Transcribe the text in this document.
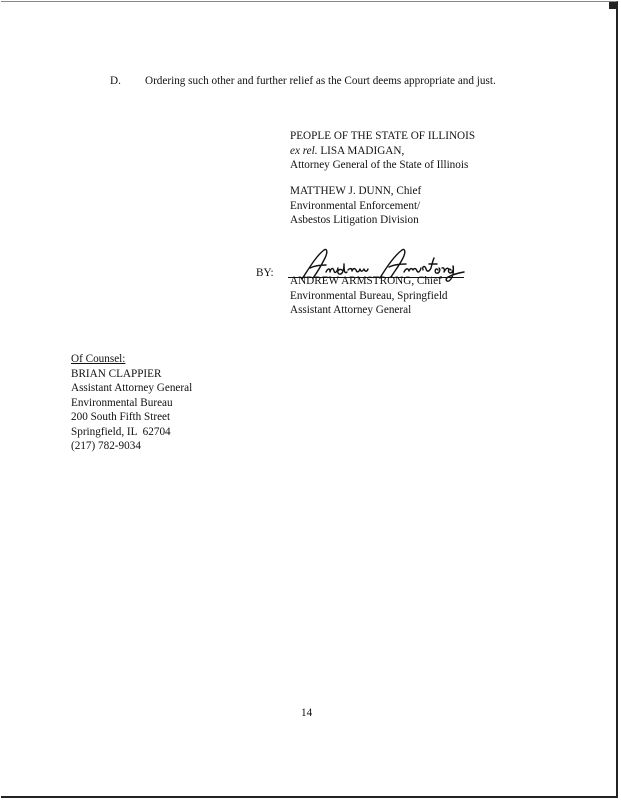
D. Ordering such other and further relief as the Court deems appropriate and just.
PEOPLE OF THE STATE OF ILLINOIS
ex rel. LISA MADIGAN,
Attorney General of the State of Illinois
MATTHEW J. DUNN, Chief
Environmental Enforcement/
Asbestos Litigation Division
BY:
ANDREW ARMSTRONG, Chief
Environmental Bureau, Springfield
Assistant Attorney General
Of Counsel:
BRIAN CLAPPIER
Assistant Attorney General
Environmental Bureau
200 South Fifth Street
Springfield, IL  62704
(217) 782-9034
14
